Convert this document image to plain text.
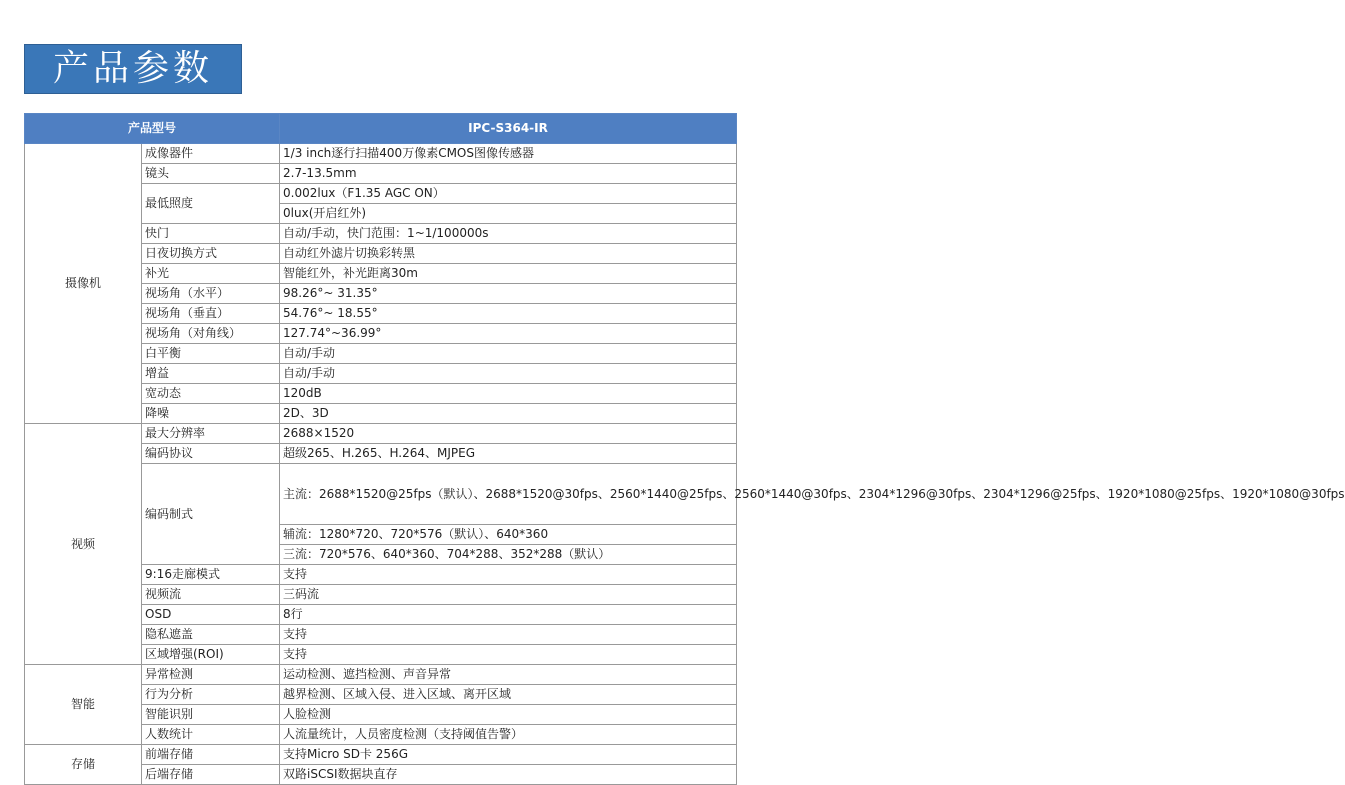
产品参数
产品型号		IPC-S364-IR
摄像机	成像器件	1/3 inch逐行扫描400万像素CMOS图像传感器
	镜头	2.7-13.5mm
	最低照度	0.002lux（F1.35 AGC ON）
		0lux(开启红外)
	快门	自动/手动，快门范围：1~1/100000s
	日夜切换方式	自动红外滤片切换彩转黑
	补光	智能红外，补光距离30m
	视场角（水平）	98.26°~ 31.35°
	视场角（垂直）	54.76°~ 18.55°
	视场角（对角线）	127.74°~36.99°
	白平衡	自动/手动
	增益	自动/手动
	宽动态	120dB
	降噪	2D、3D
视频	最大分辨率	2688×1520
	编码协议	超级265、H.265、H.264、MJPEG
	编码制式	主流：2688*1520@25fps（默认）、2688*1520@30fps、2560*1440@25fps、2560*1440@30fps、2304*1296@30fps、2304*1296@25fps、1920*1080@25fps、1920*1080@30fps
		辅流：1280*720、720*576（默认）、640*360
		三流：720*576、640*360、704*288、352*288（默认）
	9:16走廊模式	支持
	视频流	三码流
	OSD	8行
	隐私遮盖	支持
	区域增强(ROI)	支持
智能	异常检测	运动检测、遮挡检测、声音异常
	行为分析	越界检测、区域入侵、进入区域、离开区域
	智能识别	人脸检测
	人数统计	人流量统计，人员密度检测（支持阈值告警）
存储	前端存储	支持Micro SD卡 256G
	后端存储	双路iSCSI数据块直存
